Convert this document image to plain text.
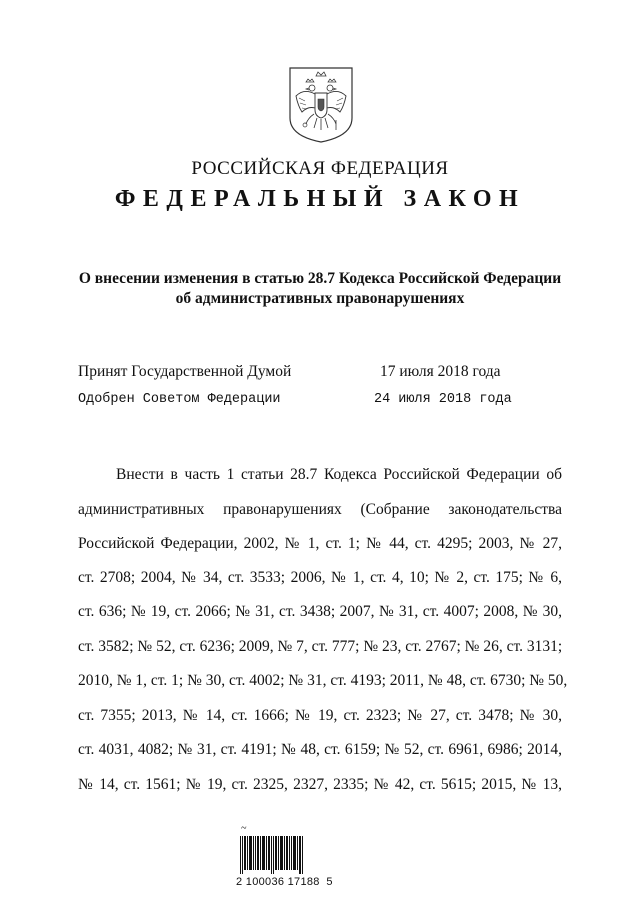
РОССИЙСКАЯ ФЕДЕРАЦИЯ
ФЕДЕРАЛЬНЫЙ ЗАКОН
О внесении изменения в статью 28.7 Кодекса Российской Федерации
об административных правонарушениях
Принят Государственной Думой	17 июля 2018 года
Одобрен Советом Федерации	24 июля 2018 года
Внести в часть 1 статьи 28.7 Кодекса Российской Федерации об
административных правонарушениях (Собрание законодательства
Российской Федерации, 2002, № 1, ст. 1; № 44, ст. 4295; 2003, № 27,
ст. 2708; 2004, № 34, ст. 3533; 2006, № 1, ст. 4, 10; № 2, ст. 175; № 6,
ст. 636; № 19, ст. 2066; № 31, ст. 3438; 2007, № 31, ст. 4007; 2008, № 30,
ст. 3582; № 52, ст. 6236; 2009, № 7, ст. 777; № 23, ст. 2767; № 26, ст. 3131;
2010, № 1, ст. 1; № 30, ст. 4002; № 31, ст. 4193; 2011, № 48, ст. 6730; № 50,
ст. 7355; 2013, № 14, ст. 1666; № 19, ст. 2323; № 27, ст. 3478; № 30,
ст. 4031, 4082; № 31, ст. 4191; № 48, ст. 6159; № 52, ст. 6961, 6986; 2014,
№ 14, ст. 1561; № 19, ст. 2325, 2327, 2335; № 42, ст. 5615; 2015, № 13,
~
2 100036 17188  5
